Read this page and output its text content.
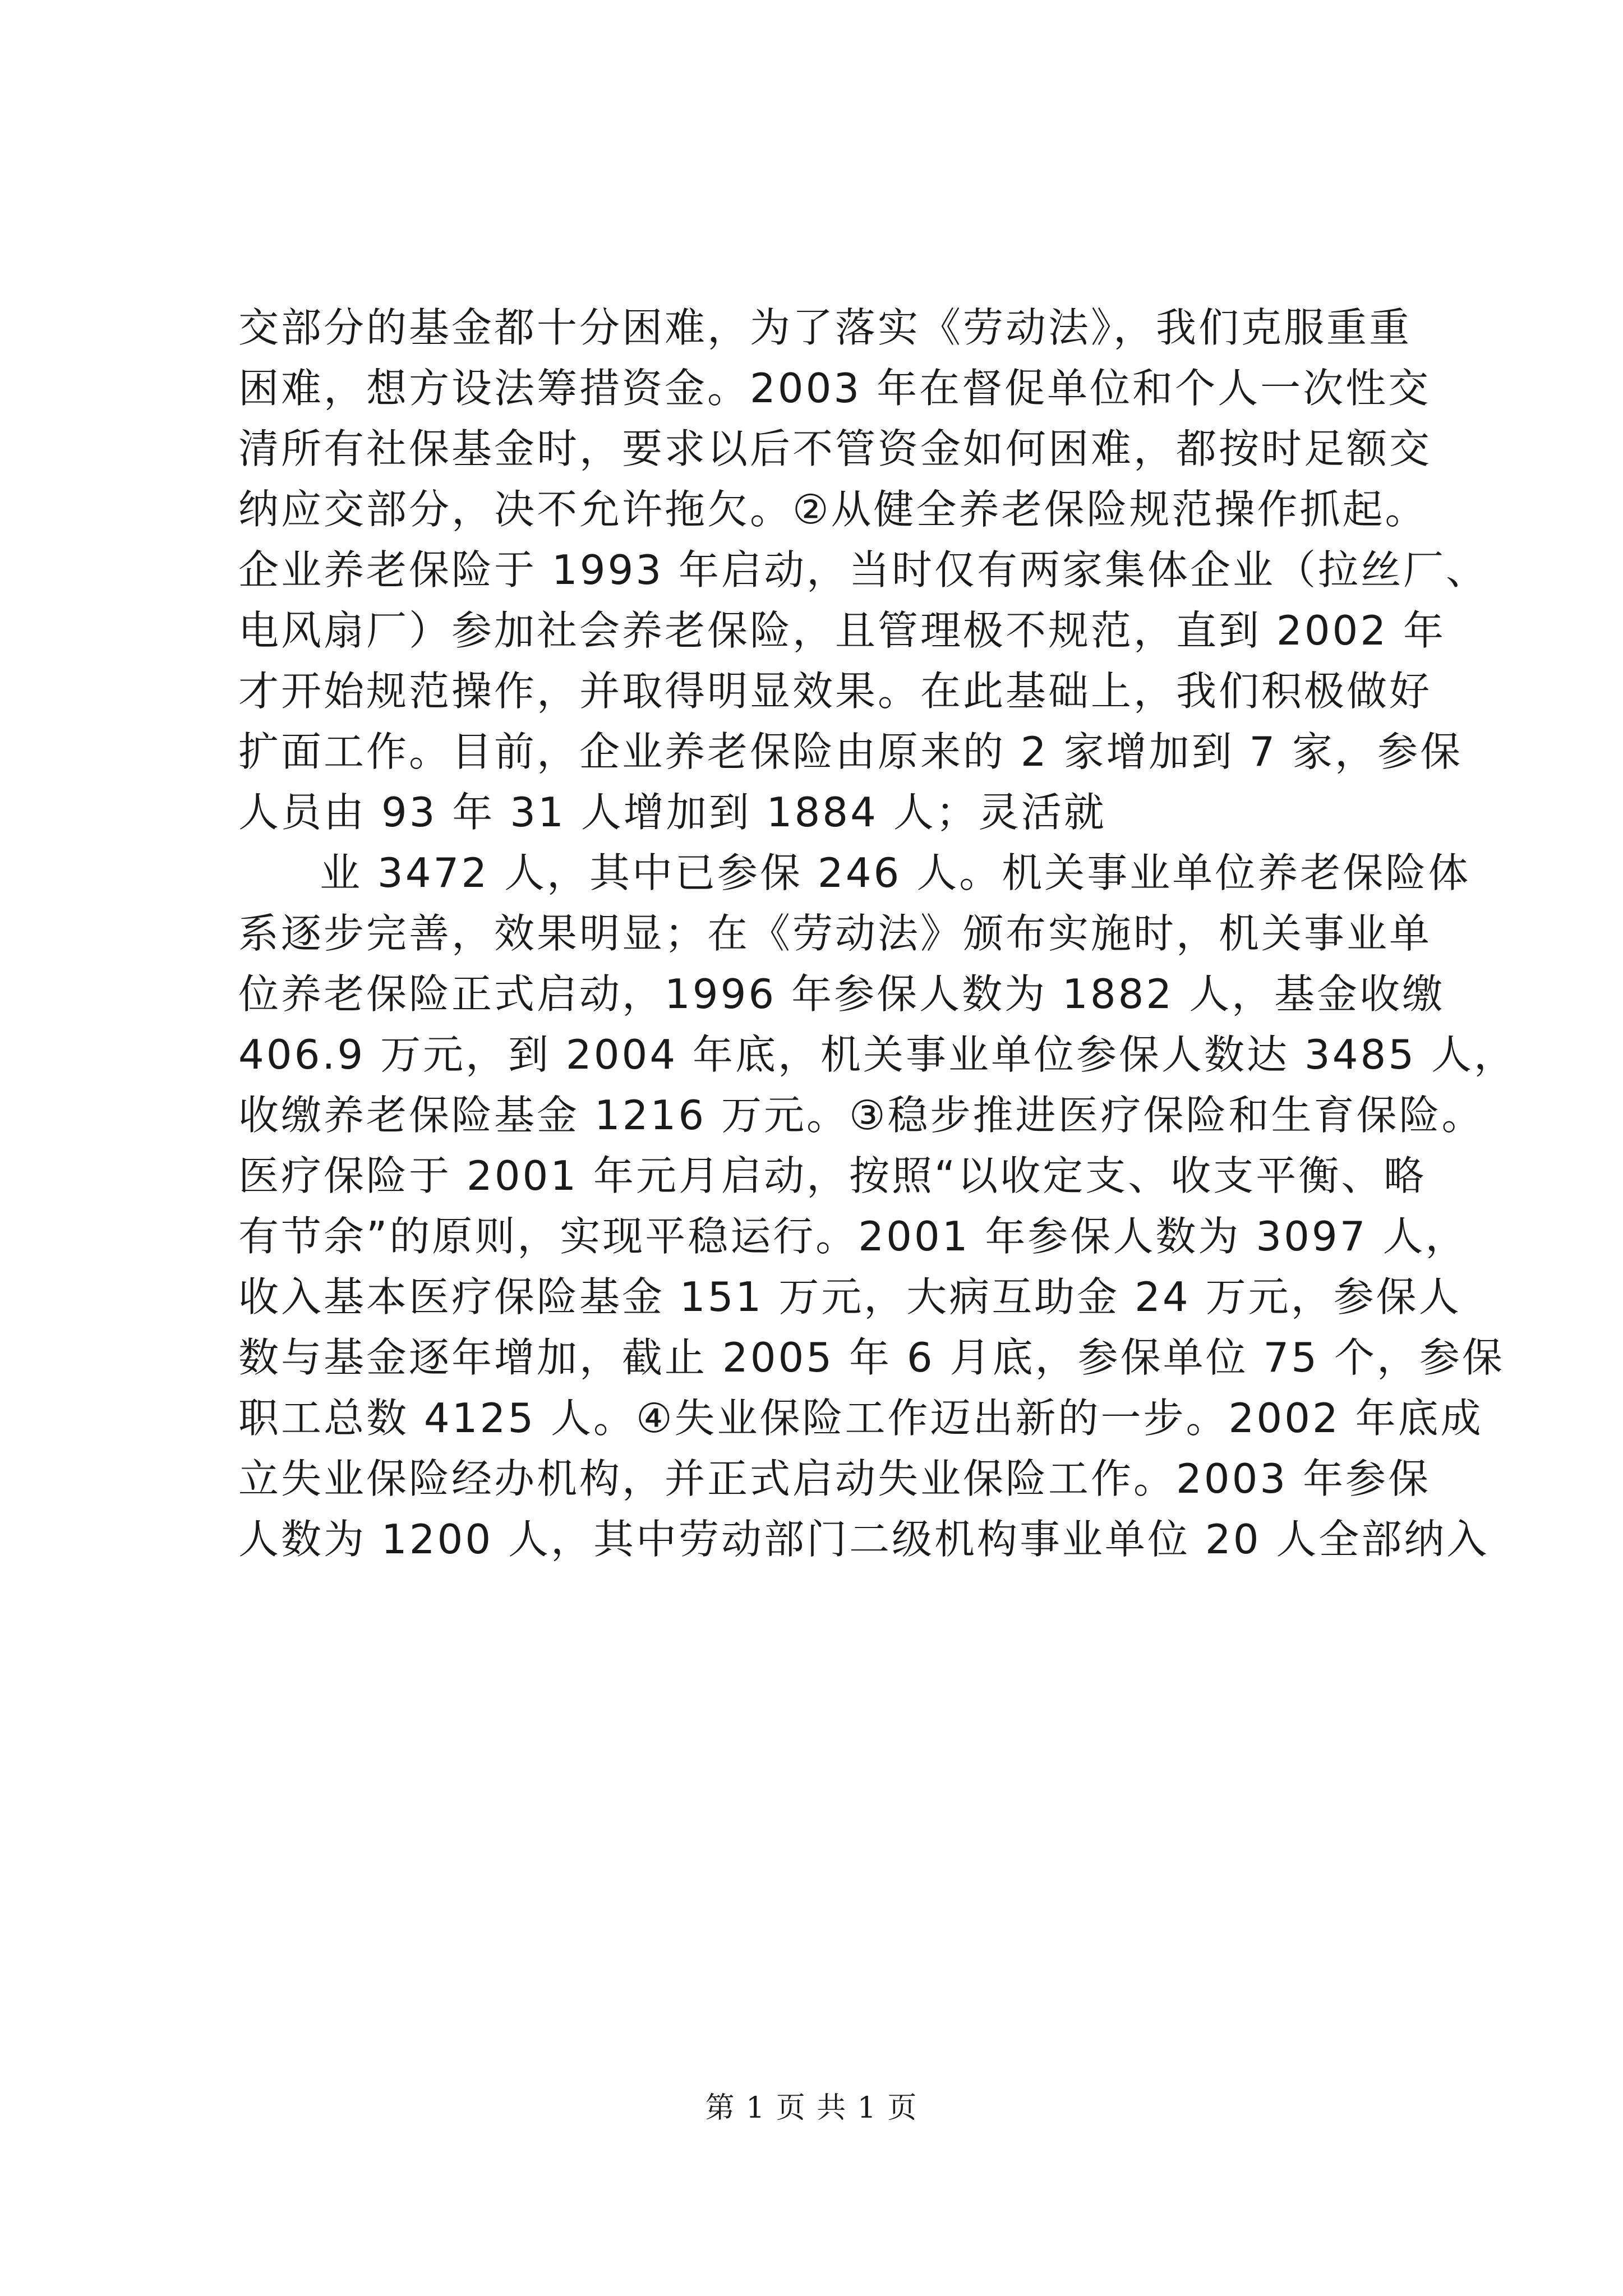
交部分的基金都十分困难，为了落实《劳动法》，我们克服重重
困难，想方设法筹措资金。2003 年在督促单位和个人一次性交
清所有社保基金时，要求以后不管资金如何困难，都按时足额交
纳应交部分，决不允许拖欠。②从健全养老保险规范操作抓起。
企业养老保险于 1993 年启动，当时仅有两家集体企业（拉丝厂、
电风扇厂）参加社会养老保险，且管理极不规范，直到 2002 年
才开始规范操作，并取得明显效果。在此基础上，我们积极做好
扩面工作。目前，企业养老保险由原来的 2 家增加到 7 家，参保
人员由 93 年 31 人增加到 1884 人；灵活就
业 3472 人，其中已参保 246 人。机关事业单位养老保险体
系逐步完善，效果明显；在《劳动法》颁布实施时，机关事业单
位养老保险正式启动，1996 年参保人数为 1882 人，基金收缴
406.9 万元，到 2004 年底，机关事业单位参保人数达 3485 人，
收缴养老保险基金 1216 万元。③稳步推进医疗保险和生育保险。
医疗保险于 2001 年元月启动，按照“以收定支、收支平衡、略
有节余”的原则，实现平稳运行。2001 年参保人数为 3097 人，
收入基本医疗保险基金 151 万元，大病互助金 24 万元，参保人
数与基金逐年增加，截止 2005 年 6 月底，参保单位 75 个，参保
职工总数 4125 人。④失业保险工作迈出新的一步。2002 年底成
立失业保险经办机构，并正式启动失业保险工作。2003 年参保
人数为 1200 人，其中劳动部门二级机构事业单位 20 人全部纳入
第 1 页 共 1 页
